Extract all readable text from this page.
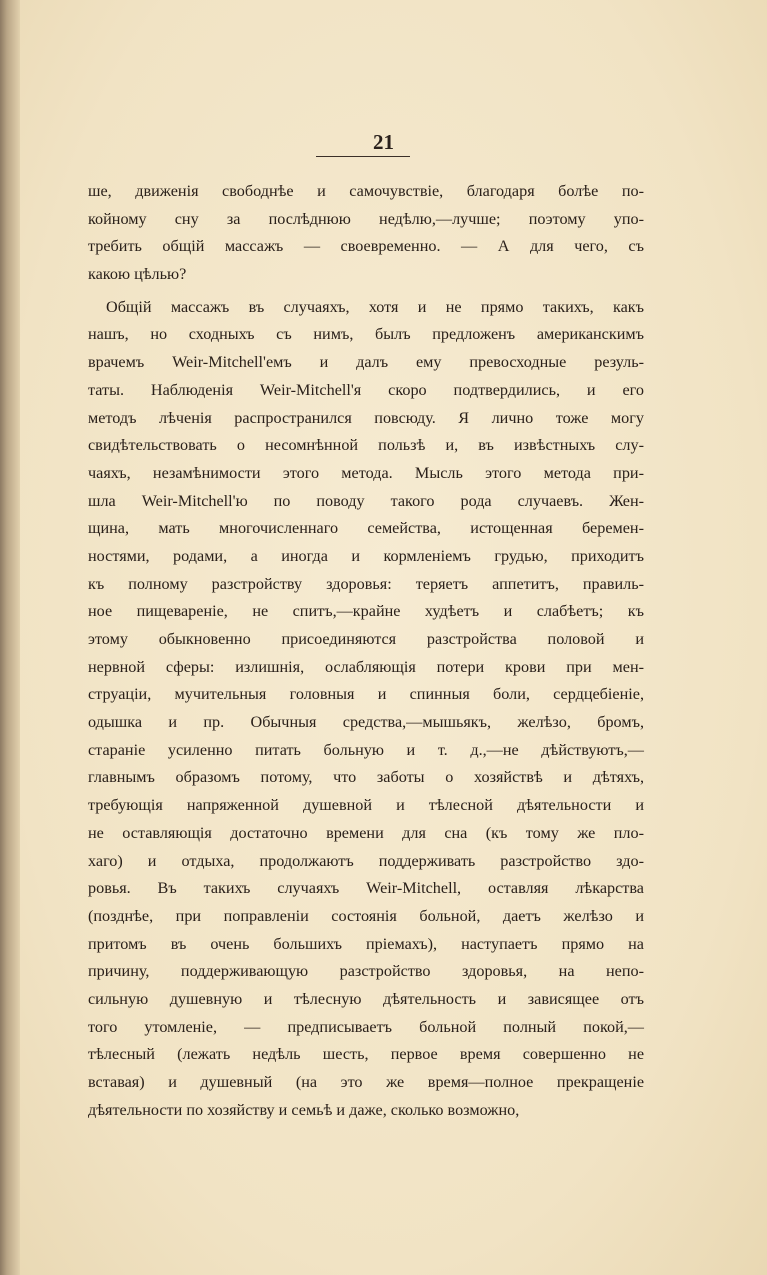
21
ше, движенія свободнѣе и самочувствіе, благодаря болѣе по-
койному сну за послѣднюю недѣлю,—лучше; поэтому упо-
требить общій массажъ — своевременно. — А для чего, съ
какою цѣлью?
Общій массажъ въ случаяхъ, хотя и не прямо такихъ, какъ
нашъ, но сходныхъ съ нимъ, былъ предложенъ американскимъ
врачемъ Weir-Mitchell'емъ и далъ ему превосходные резуль-
таты. Наблюденія Weir-Mitchell'я скоро подтвердились, и его
методъ лѣченія распространился повсюду. Я лично тоже могу
свидѣтельствовать о несомнѣнной пользѣ и, въ извѣстныхъ слу-
чаяхъ, незамѣнимости этого метода. Мысль этого метода при-
шла Weir-Mitchell'ю по поводу такого рода случаевъ. Жен-
щина, мать многочисленнаго семейства, истощенная беремен-
ностями, родами, а иногда и кормленіемъ грудью, приходитъ
къ полному разстройству здоровья: теряетъ аппетитъ, правиль-
ное пищевареніе, не спитъ,—крайне худѣетъ и слабѣетъ; къ
этому обыкновенно присоединяются разстройства половой и
нервной сферы: излишнія, ослабляющія потери крови при мен-
струаціи, мучительныя головныя и спинныя боли, сердцебіеніе,
одышка и пр. Обычныя средства,—мышьякъ, желѣзо, бромъ,
стараніе усиленно питать больную и т. д.,—не дѣйствуютъ,—
главнымъ образомъ потому, что заботы о хозяйствѣ и дѣтяхъ,
требующія напряженной душевной и тѣлесной дѣятельности и
не оставляющія достаточно времени для сна (къ тому же пло-
хаго) и отдыха, продолжаютъ поддерживать разстройство здо-
ровья. Въ такихъ случаяхъ Weir-Mitchell, оставляя лѣкарства
(позднѣе, при поправленіи состоянія больной, даетъ желѣзо и
притомъ въ очень большихъ пріемахъ), наступаетъ прямо на
причину, поддерживающую разстройство здоровья, на непо-
сильную душевную и тѣлесную дѣятельность и зависящее отъ
того утомленіе, — предписываетъ больной полный покой,—
тѣлесный (лежать недѣль шесть, первое время совершенно не
вставая) и душевный (на это же время—полное прекращеніе
дѣятельности по хозяйству и семьѣ и даже, сколько возможно,
